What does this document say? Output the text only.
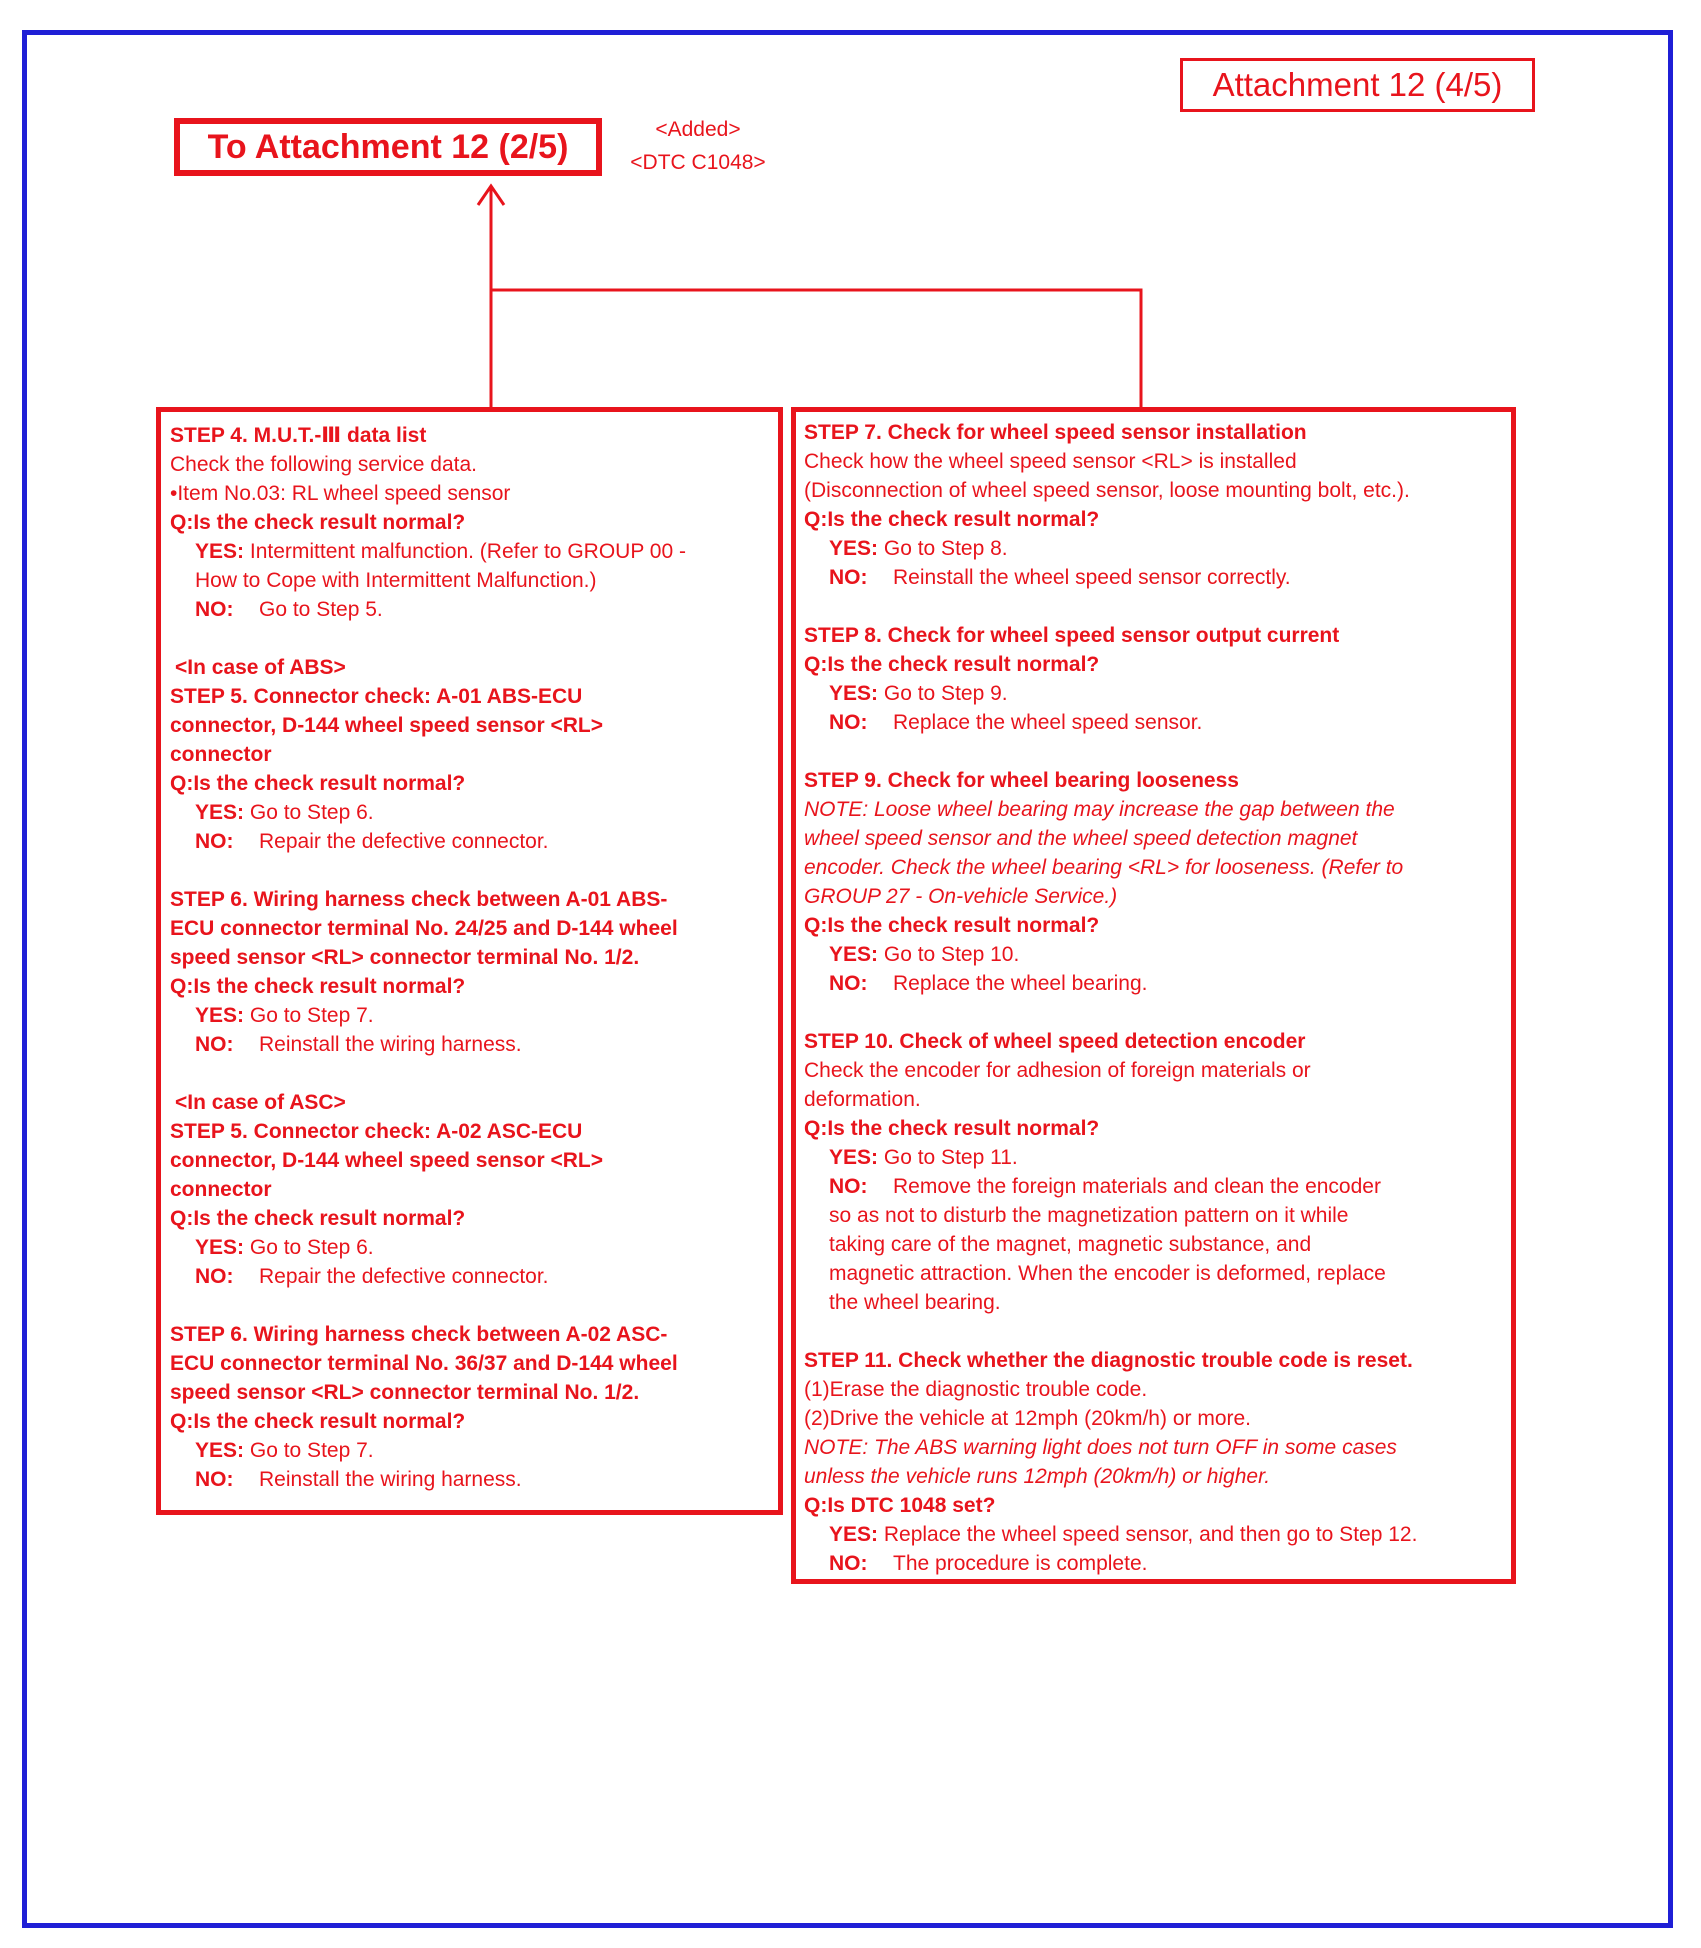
Attachment 12 (4/5)
To Attachment 12 (2/5)	<Added>
<DTC C1048>
STEP 4. M.U.T.-Ⅲ data list
Check the following service data.
•Item No.03: RL wheel speed sensor
Q:Is the check result normal?
YES: Intermittent malfunction. (Refer to GROUP 00 -
How to Cope with Intermittent Malfunction.)
NO: Go to Step 5.
<In case of ABS>
STEP 5. Connector check: A-01 ABS-ECU
connector, D-144 wheel speed sensor <RL>
connector
Q:Is the check result normal?
YES: Go to Step 6.
NO: Repair the defective connector.
STEP 6. Wiring harness check between A-01 ABS-
ECU connector terminal No. 24/25 and D-144 wheel
speed sensor <RL> connector terminal No. 1/2.
Q:Is the check result normal?
YES: Go to Step 7.
NO: Reinstall the wiring harness.
<In case of ASC>
STEP 5. Connector check: A-02 ASC-ECU
connector, D-144 wheel speed sensor <RL>
connector
Q:Is the check result normal?
YES: Go to Step 6.
NO: Repair the defective connector.
STEP 6. Wiring harness check between A-02 ASC-
ECU connector terminal No. 36/37 and D-144 wheel
speed sensor <RL> connector terminal No. 1/2.
Q:Is the check result normal?
YES: Go to Step 7.
NO: Reinstall the wiring harness.
STEP 7. Check for wheel speed sensor installation
Check how the wheel speed sensor <RL> is installed
(Disconnection of wheel speed sensor, loose mounting bolt, etc.).
Q:Is the check result normal?
YES: Go to Step 8.
NO: Reinstall the wheel speed sensor correctly.
STEP 8. Check for wheel speed sensor output current
Q:Is the check result normal?
YES: Go to Step 9.
NO: Replace the wheel speed sensor.
STEP 9. Check for wheel bearing looseness
NOTE: Loose wheel bearing may increase the gap between the
wheel speed sensor and the wheel speed detection magnet
encoder. Check the wheel bearing <RL> for looseness. (Refer to
GROUP 27 - On-vehicle Service.)
Q:Is the check result normal?
YES: Go to Step 10.
NO: Replace the wheel bearing.
STEP 10. Check of wheel speed detection encoder
Check the encoder for adhesion of foreign materials or
deformation.
Q:Is the check result normal?
YES: Go to Step 11.
NO: Remove the foreign materials and clean the encoder
so as not to disturb the magnetization pattern on it while
taking care of the magnet, magnetic substance, and
magnetic attraction. When the encoder is deformed, replace
the wheel bearing.
STEP 11. Check whether the diagnostic trouble code is reset.
(1)Erase the diagnostic trouble code.
(2)Drive the vehicle at 12mph (20km/h) or more.
NOTE: The ABS warning light does not turn OFF in some cases
unless the vehicle runs 12mph (20km/h) or higher.
Q:Is DTC 1048 set?
YES: Replace the wheel speed sensor, and then go to Step 12.
NO: The procedure is complete.
